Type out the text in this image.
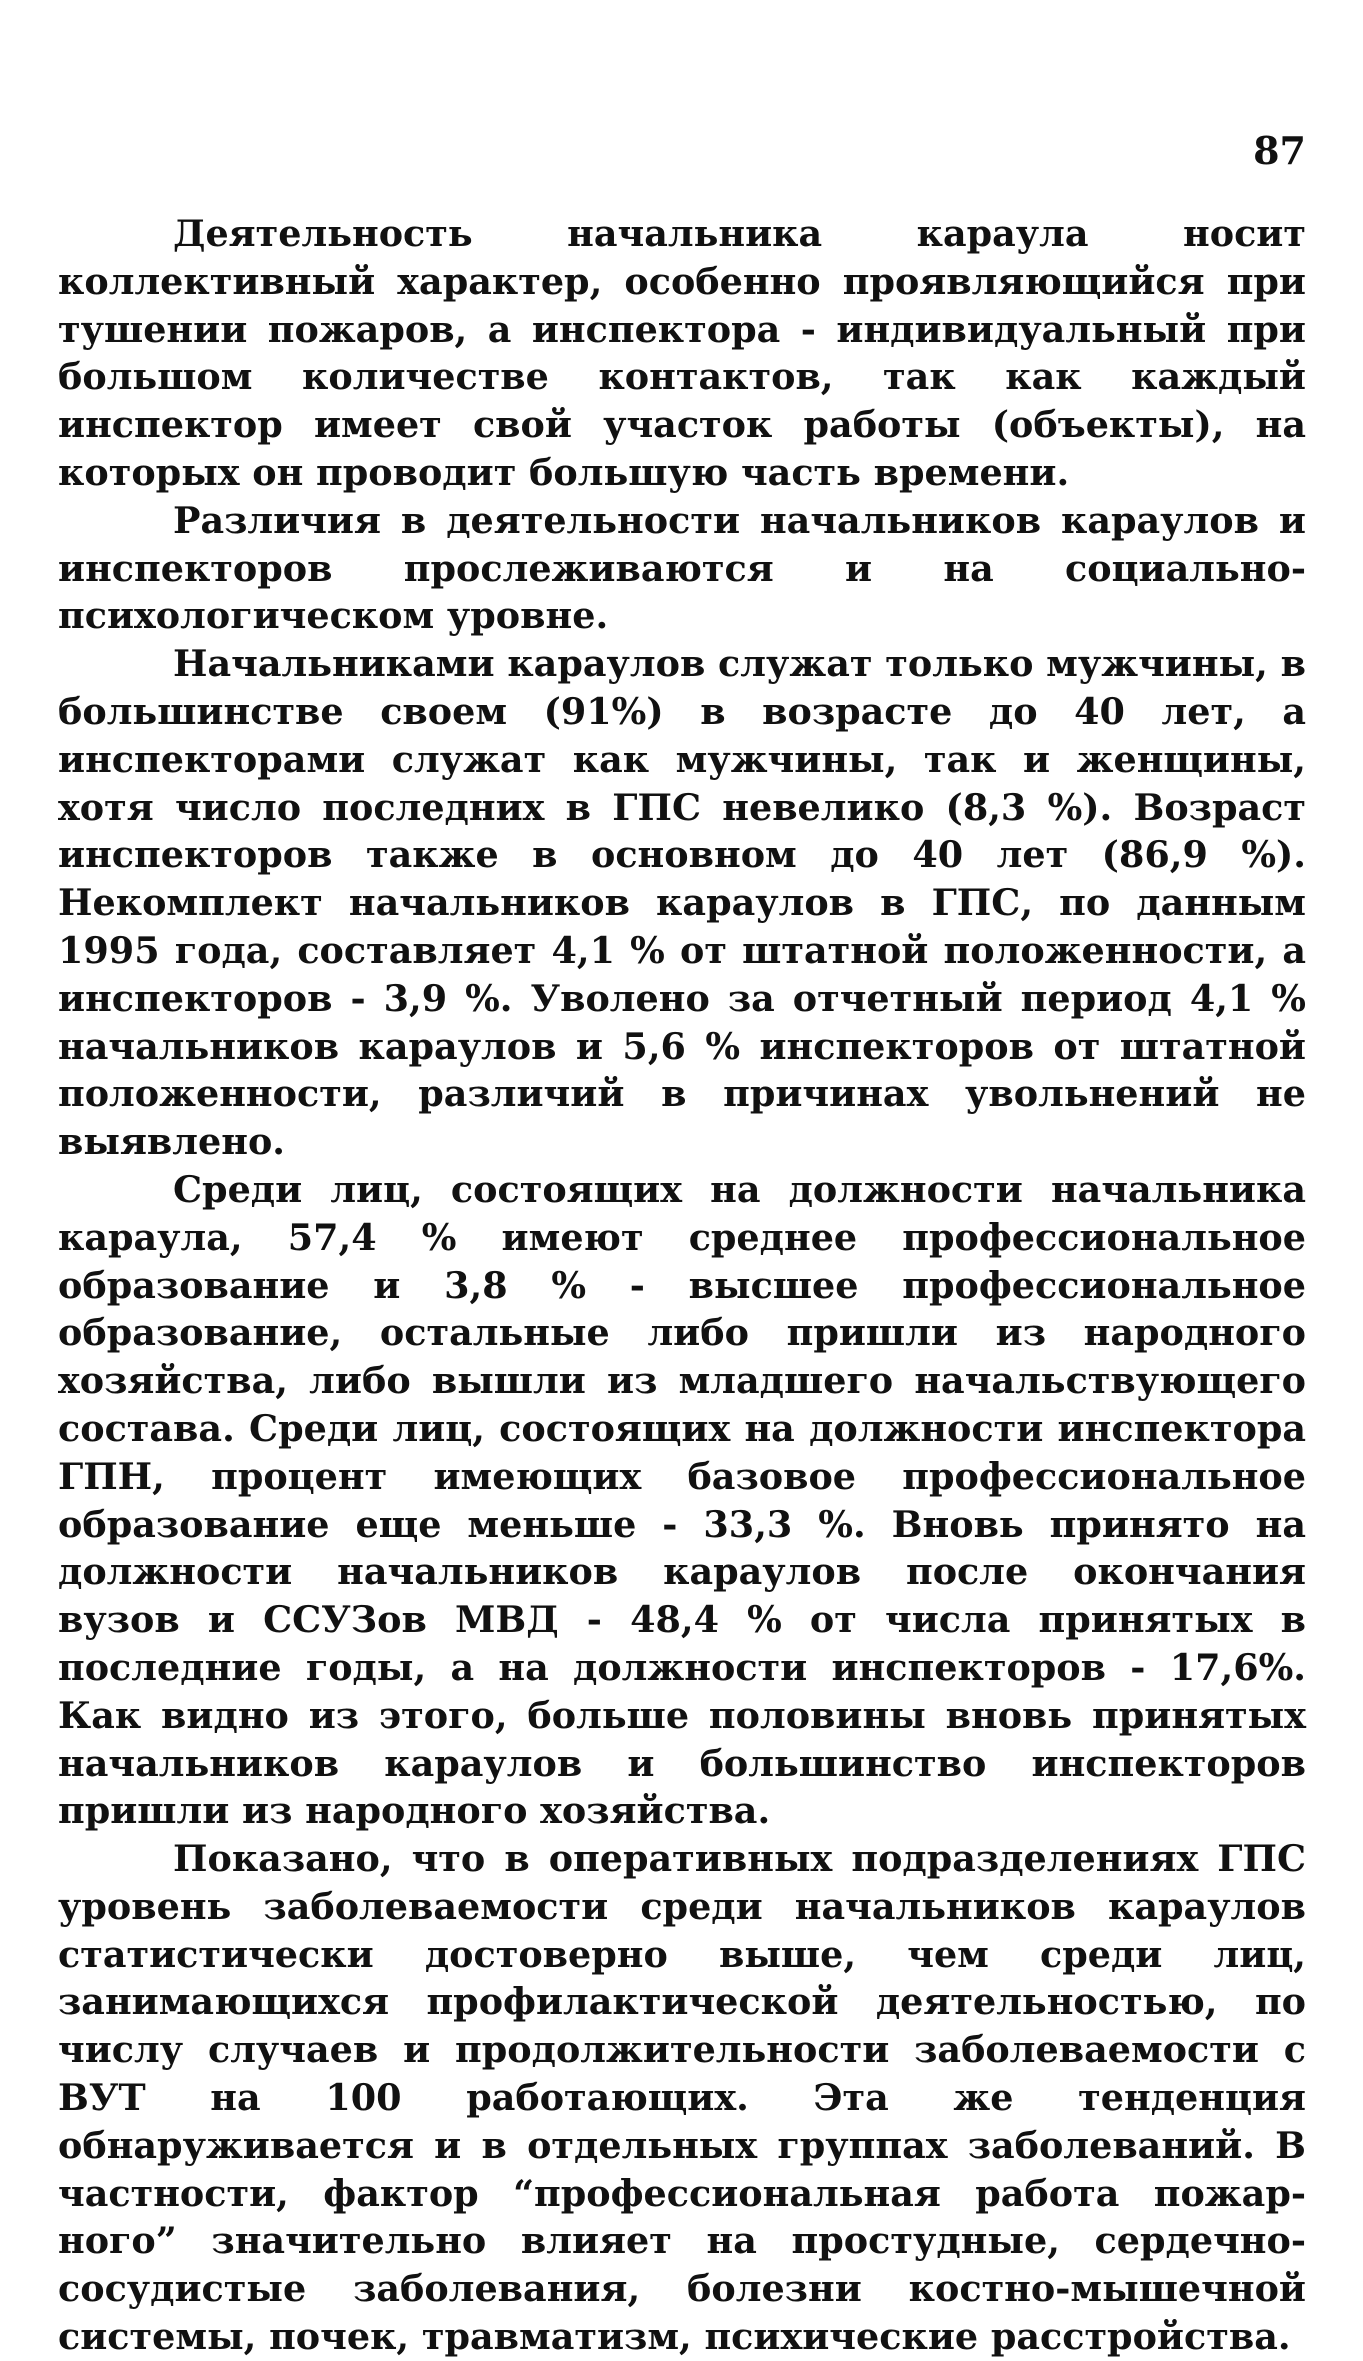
87

Деятельность начальника караула носит коллективный характер, особенно проявляющийся при тушении пожаров, а инспектора - индивидуальный при большом количестве контактов, так как каждый инспектор имеет свой участок работы (объекты), на которых он проводит большую часть времени.

Различия в деятельности начальников караулов и инспекторов прослеживаются и на социально-психологическом уровне.

Начальниками караулов служат только мужчины, в большинстве своем (91%) в возрасте до 40 лет, а инспекторами служат как мужчины, так и женщины, хотя число последних в ГПС невелико (8,3 %). Возраст инспекторов также в основном до 40 лет (86,9 %). Некомплект начальников караулов в ГПС, по данным 1995 года, составляет 4,1 % от штатной положенности, а инспекторов - 3,9 %. Уволено за отчетный период 4,1 % начальников караулов и 5,6 % инспекторов от штатной положенности, различий в причинах увольнений не выявлено.

Среди лиц, состоящих на должности начальника караула, 57,4 % имеют среднее профессиональное образование и 3,8 % - высшее профессиональное образование, остальные либо пришли из народного хозяйства, либо вышли из младшего начальствующего состава. Среди лиц, состоящих на должности инспектора ГПН, процент имеющих базовое профессиональное образование еще меньше - 33,3 %. Вновь принято на должности начальников караулов после окончания вузов и ССУЗов МВД - 48,4 % от числа принятых в последние годы, а на должности инспекторов - 17,6%. Как видно из этого, больше половины вновь принятых начальников караулов и большинство инспекторов пришли из народного хозяйства.

Показано, что в оперативных подразделениях ГПС уровень заболеваемости среди начальников караулов статистически достоверно выше, чем среди лиц, занимающихся профилактической деятельностью, по числу случаев и продолжительности заболеваемости с ВУТ на 100 работающих. Эта же тенденция обнаруживается и в отдельных группах заболеваний. В частности, фактор “профессиональная работа пожарного” значительно влияет на простудные, сердечно-сосудистые заболевания, болезни костно-мышечной системы, почек, травматизм, психические расстройства.
